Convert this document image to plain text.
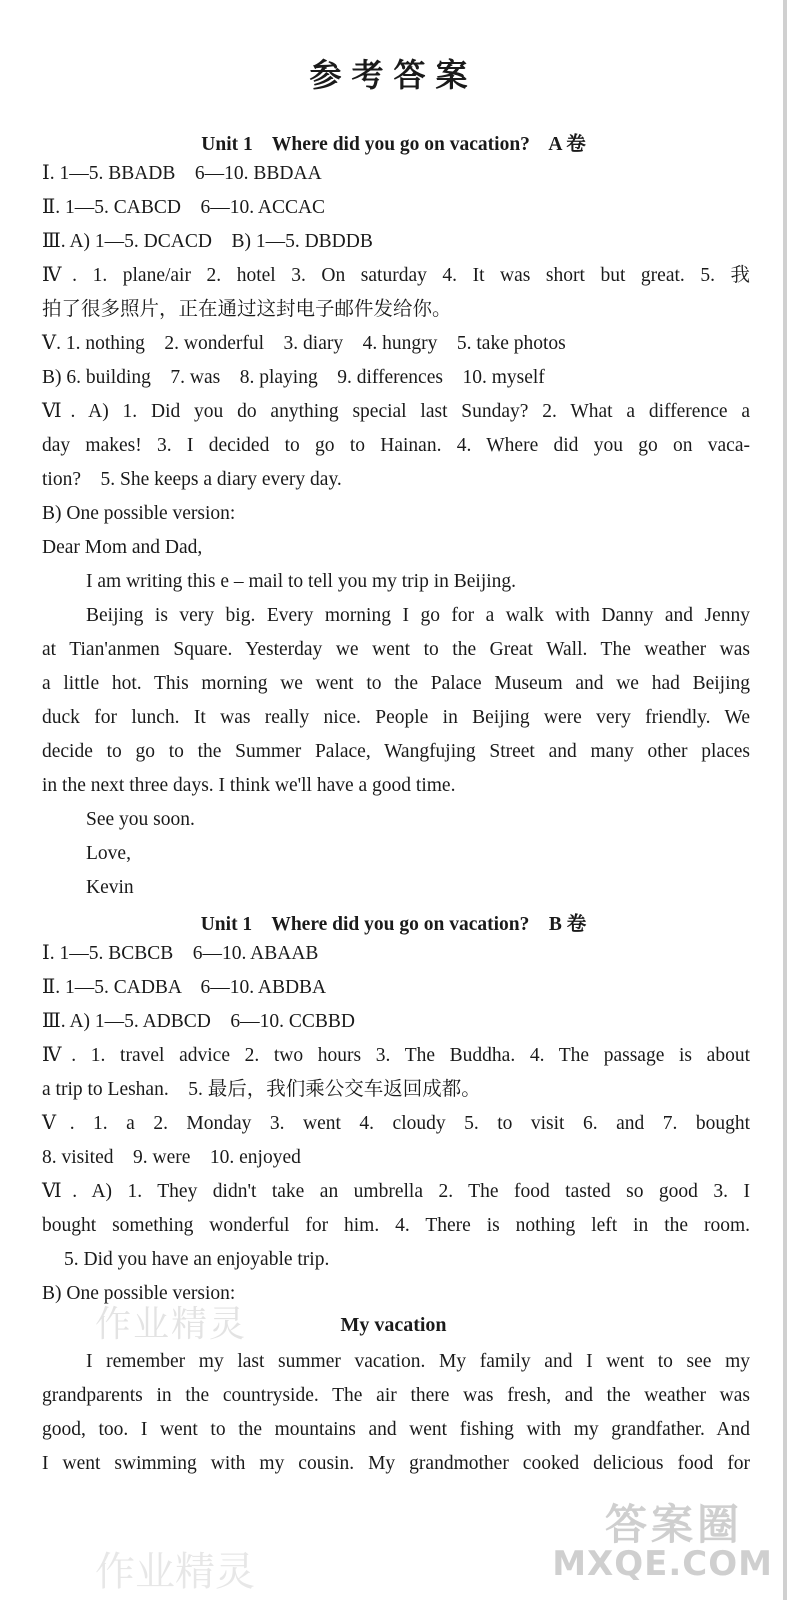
参考答案
Unit 1    Where did you go on vacation?    A 卷
Ⅰ. 1—5. BBADB    6—10. BBDAA
Ⅱ. 1—5. CABCD    6—10. ACCAC
Ⅲ. A) 1—5. DCACD    B) 1—5. DBDDB
Ⅳ. 1. plane/air 2. hotel 3. On saturday 4. It was short but great. 5. 我
拍了很多照片，正在通过这封电子邮件发给你。
Ⅴ. 1. nothing    2. wonderful    3. diary    4. hungry    5. take photos
B) 6. building    7. was    8. playing    9. differences    10. myself
Ⅵ. A) 1. Did you do anything special last Sunday? 2. What a difference a
day makes! 3. I decided to go to Hainan. 4. Where did you go on vaca-
tion?    5. She keeps a diary every day.
B) One possible version:
Dear Mom and Dad,
I am writing this e – mail to tell you my trip in Beijing.
Beijing is very big. Every morning I go for a walk with Danny and Jenny
at Tian'anmen Square. Yesterday we went to the Great Wall. The weather was
a little hot. This morning we went to the Palace Museum and we had Beijing
duck for lunch. It was really nice. People in Beijing were very friendly. We
decide to go to the Summer Palace, Wangfujing Street and many other places
in the next three days. I think we'll have a good time.
See you soon.
Love,
Kevin
Unit 1    Where did you go on vacation?    B 卷
Ⅰ. 1—5. BCBCB    6—10. ABAAB
Ⅱ. 1—5. CADBA    6—10. ABDBA
Ⅲ. A) 1—5. ADBCD    6—10. CCBBD
Ⅳ. 1. travel advice 2. two hours 3. The Buddha. 4. The passage is about
a trip to Leshan.    5. 最后，我们乘公交车返回成都。
Ⅴ. 1. a 2. Monday 3. went 4. cloudy 5. to visit 6. and 7. bought
8. visited    9. were    10. enjoyed
Ⅵ. A) 1. They didn't take an umbrella 2. The food tasted so good 3. I
bought something wonderful for him. 4. There is nothing left in the room.
5. Did you have an enjoyable trip.
B) One possible version:
My vacation
I remember my last summer vacation. My family and I went to see my
grandparents in the countryside. The air there was fresh, and the weather was
good, too. I went to the mountains and went fishing with my grandfather. And
I went swimming with my cousin. My grandmother cooked delicious food for
作业精灵
作业精灵
答案圈
MXQE.COM
